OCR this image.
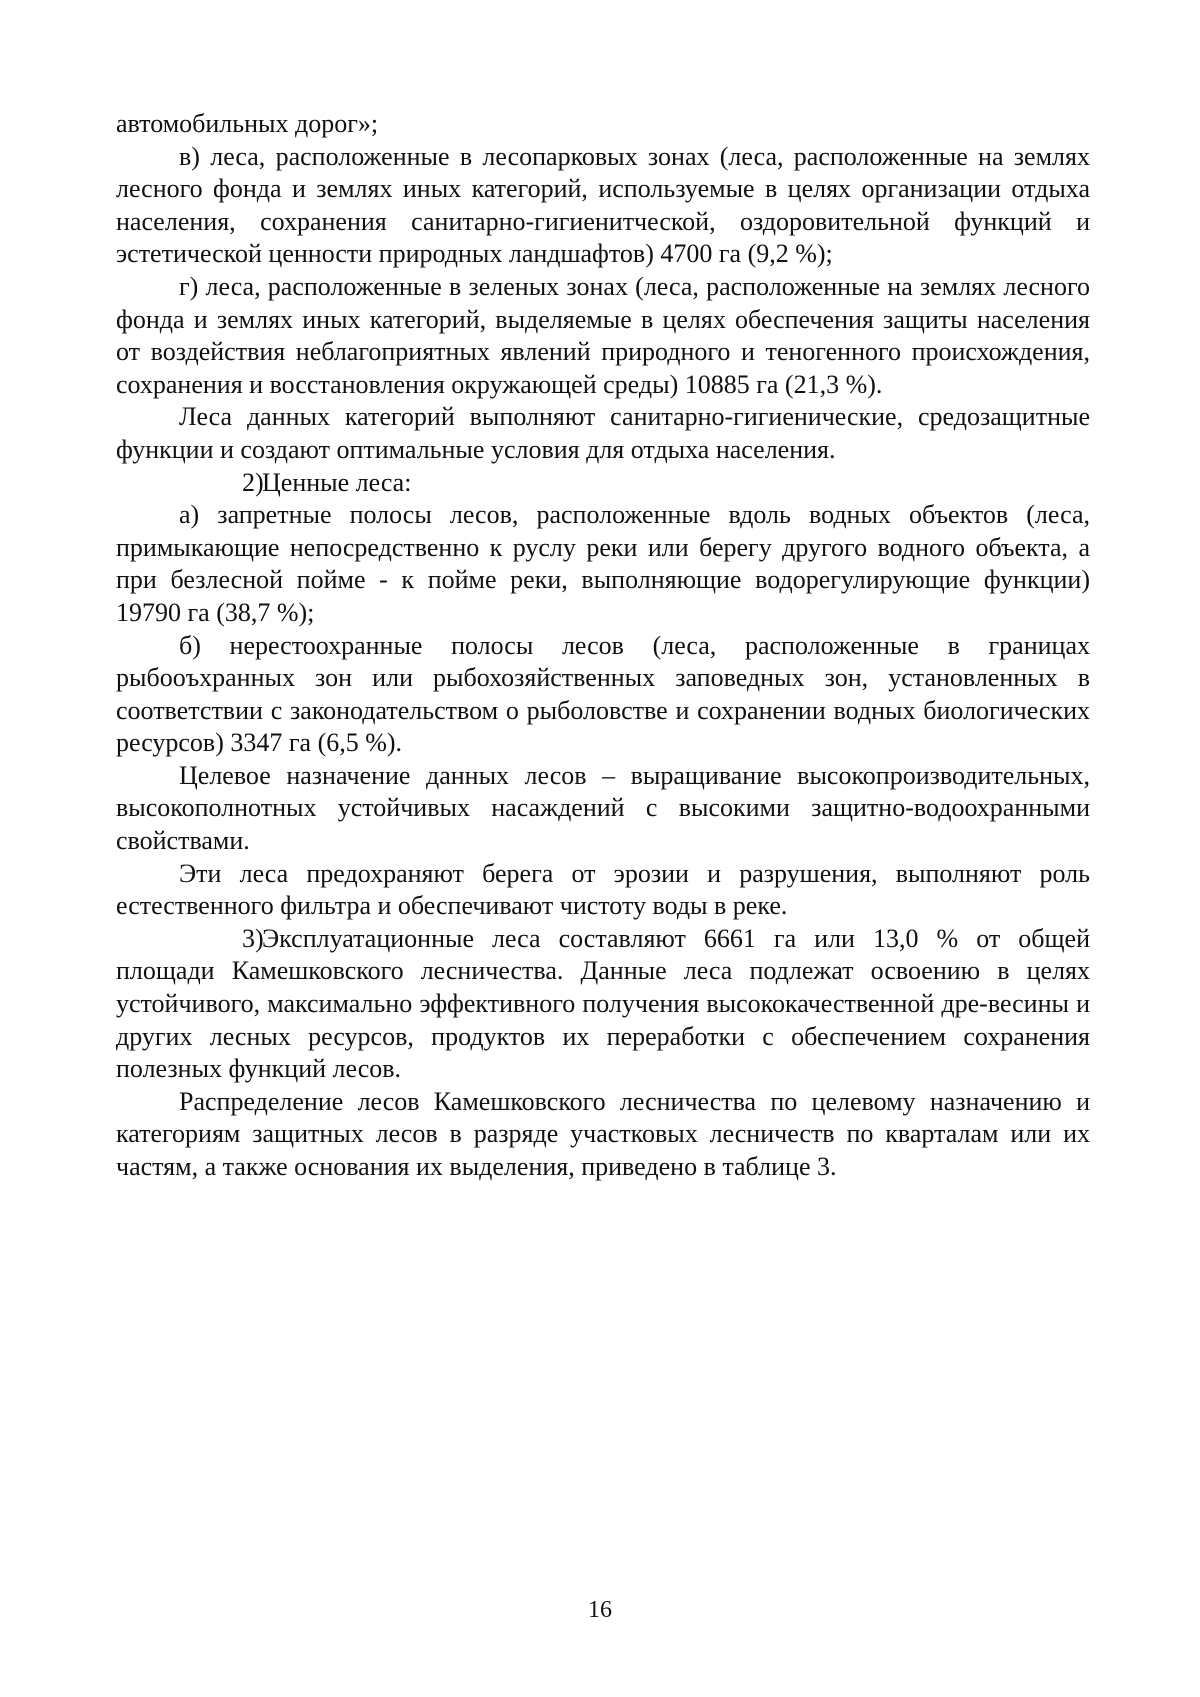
автомобильных дорог»;

в) леса, расположенные в лесопарковых зонах (леса, расположенные на землях лесного фонда и землях иных категорий, используемые в целях организации отдыха населения, сохранения санитарно-гигиенитческой, оздоровительной функций и эстетической ценности природных ландшафтов) 4700 га (9,2 %);

г) леса, расположенные в зеленых зонах (леса, расположенные на землях лесного фонда и землях иных категорий, выделяемые в целях обеспечения защиты населения от воздействия неблагоприятных явлений природного и теногенного происхождения, сохранения и восстановления окружающей среды) 10885 га (21,3 %).

Леса данных категорий выполняют санитарно-гигиенические, средозащитные функции и создают оптимальные условия для отдыха населения.

2)Ценные леса:

а) запретные полосы лесов, расположенные вдоль водных объектов (леса, примыкающие непосредственно к руслу реки или берегу другого водного объекта, а при безлесной пойме - к пойме реки, выполняющие водорегулирующие функции) 19790 га (38,7 %);

б) нерестоохранные полосы лесов (леса, расположенные в границах рыбооъхранных зон или рыбохозяйственных заповедных зон, установленных в соответствии с законодательством о рыболовстве и сохранении водных биологических ресурсов) 3347 га (6,5 %).

Целевое назначение данных лесов – выращивание высокопроизводительных, высокополнотных устойчивых насаждений с высокими защитно-водоохранными свойствами.

Эти леса предохраняют берега от эрозии и разрушения, выполняют роль естественного фильтра и обеспечивают чистоту воды в реке.

3)Эксплуатационные леса составляют 6661 га или 13,0 % от общей площади Камешковского лесничества. Данные леса подлежат освоению в целях устойчивого, максимально эффективного получения высококачественной дре-весины и других лесных ресурсов, продуктов их переработки с обеспечением сохранения полезных функций лесов.

Распределение лесов Камешковского лесничества по целевому назначению и категориям защитных лесов в разряде участковых лесничеств по кварталам или их частям, а также основания их выделения, приведено в таблице 3.

16
